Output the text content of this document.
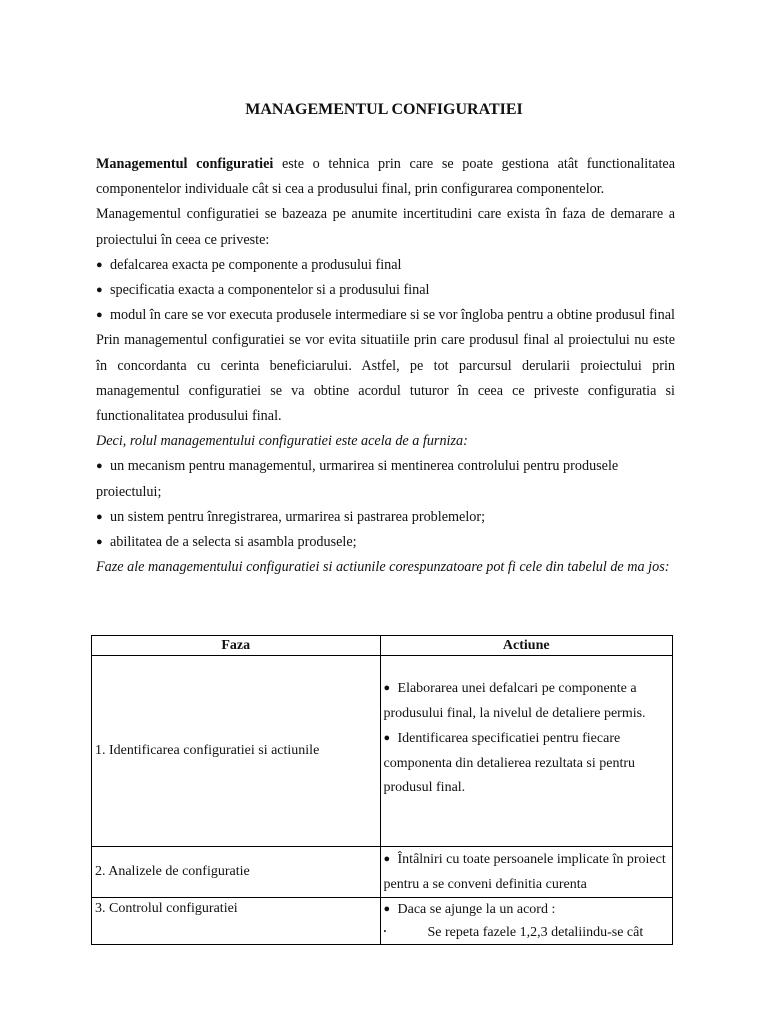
MANAGEMENTUL CONFIGURATIEI

Managementul configuratiei este o tehnica prin care se poate gestiona atât functionalitatea componentelor individuale cât si cea a produsului final, prin configurarea componentelor.

Managementul configuratiei se bazeaza pe anumite incertitudini care exista în faza de demarare a proiectului în ceea ce priveste:

● defalcarea exacta pe componente a produsului final

● specificatia exacta a componentelor si a produsului final

● modul în care se vor executa produsele intermediare si se vor îngloba pentru a obtine produsul final

Prin managementul configuratiei se vor evita situatiile prin care produsul final al proiectului nu este în concordanta cu cerinta beneficiarului. Astfel, pe tot parcursul derularii proiectului prin managementul configuratiei se va obtine acordul tuturor în ceea ce priveste configuratia si functionalitatea produsului final.

Deci, rolul managementului configuratiei este acela de a furniza:

● un mecanism pentru managementul, urmarirea si mentinerea controlului pentru produsele proiectului;

● un sistem pentru înregistrarea, urmarirea si pastrarea problemelor;

● abilitatea de a selecta si asambla produsele;

Faze ale managementului configuratiei si actiunile corespunzatoare pot fi cele din tabelul de ma jos:

Faza	Actiune
1. Identificarea configuratiei si actiunile	● Elaborarea unei defalcari pe componente a produsului final, la nivelul de detaliere permis.
● Identificarea specificatiei pentru fiecare componenta din detalierea rezultata si pentru produsul final.

2. Analizele de configuratie	● Întâlniri cu toate persoanele implicate în proiect pentru a se conveni definitia curenta

3. Controlul configuratiei	● Daca se ajunge la un acord :
• Se repeta fazele 1,2,3 detaliindu-se cât
